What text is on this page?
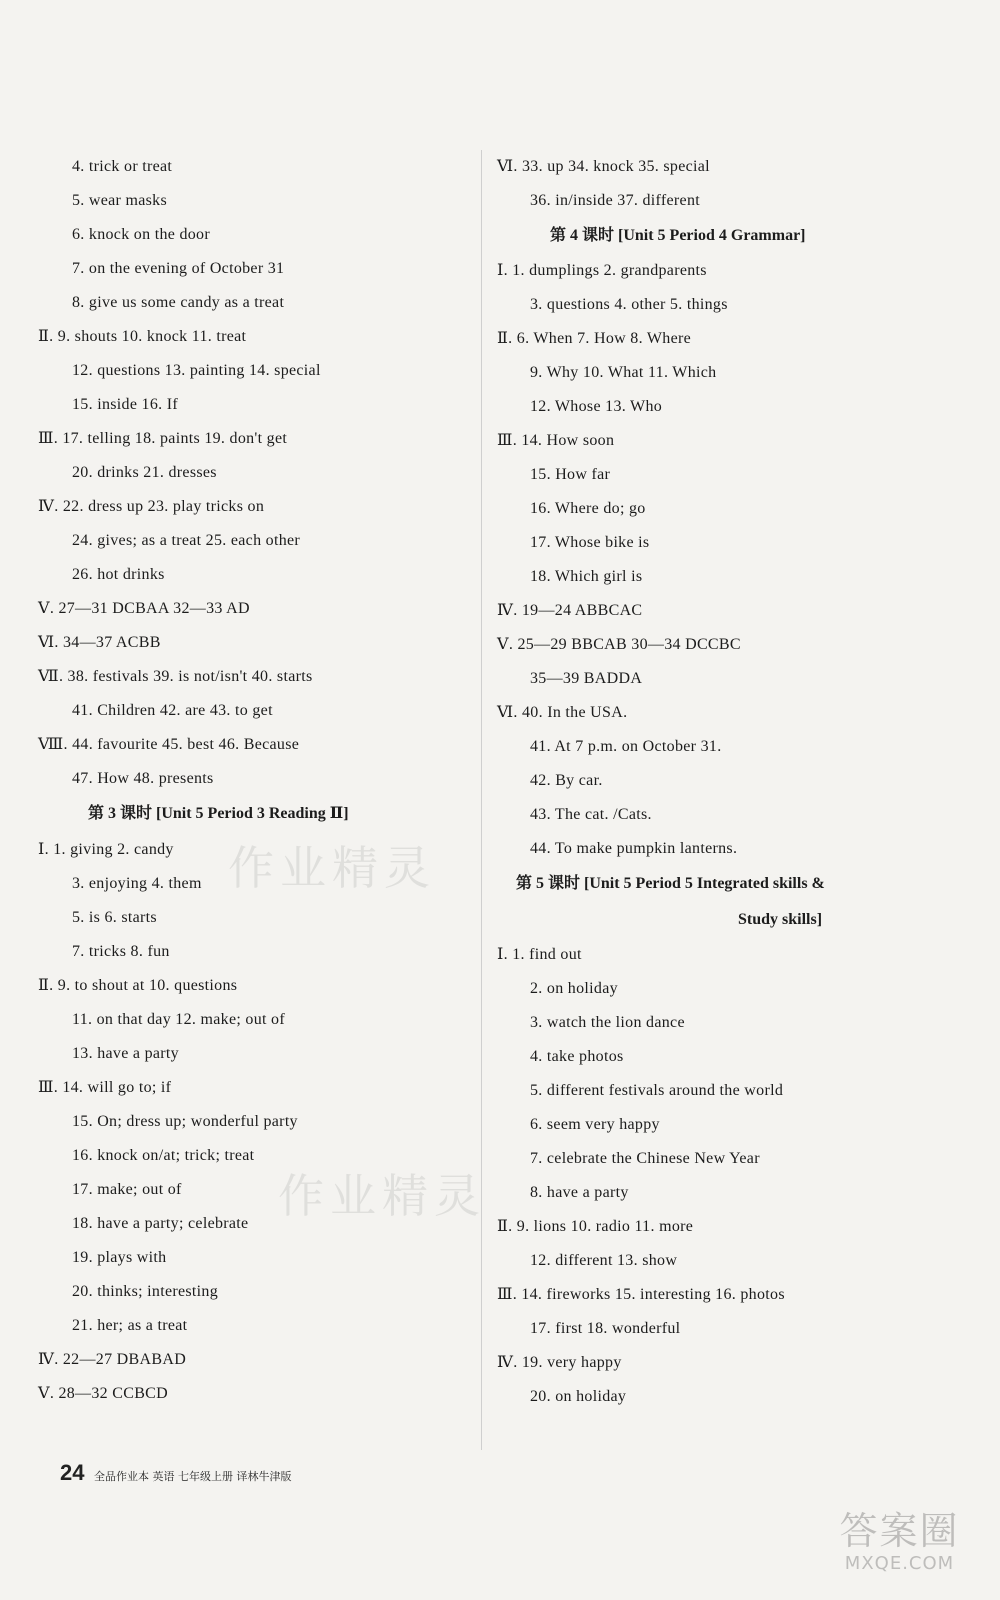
4. trick or treat
5. wear masks
6. knock on the door
7. on the evening of October 31
8. give us some candy as a treat
Ⅱ. 9. shouts 10. knock 11. treat
12. questions 13. painting 14. special
15. inside 16. If
Ⅲ. 17. telling 18. paints 19. don't get
20. drinks 21. dresses
Ⅳ. 22. dress up 23. play tricks on
24. gives; as a treat 25. each other
26. hot drinks
Ⅴ. 27—31 DCBAA 32—33 AD
Ⅵ. 34—37 ACBB
Ⅶ. 38. festivals 39. is not/isn't 40. starts
41. Children 42. are 43. to get
Ⅷ. 44. favourite 45. best 46. Because
47. How 48. presents
第 3 课时 [Unit 5 Period 3 Reading Ⅱ]
Ⅰ. 1. giving 2. candy
3. enjoying 4. them
5. is 6. starts
7. tricks 8. fun
Ⅱ. 9. to shout at 10. questions
11. on that day 12. make; out of
13. have a party
Ⅲ. 14. will go to; if
15. On; dress up; wonderful party
16. knock on/at; trick; treat
17. make; out of
18. have a party; celebrate
19. plays with
20. thinks; interesting
21. her; as a treat
Ⅳ. 22—27 DBABAD
Ⅴ. 28—32 CCBCD
Ⅵ. 33. up 34. knock 35. special
36. in/inside 37. different
第 4 课时 [Unit 5 Period 4 Grammar]
Ⅰ. 1. dumplings 2. grandparents
3. questions 4. other 5. things
Ⅱ. 6. When 7. How 8. Where
9. Why 10. What 11. Which
12. Whose 13. Who
Ⅲ. 14. How soon
15. How far
16. Where do; go
17. Whose bike is
18. Which girl is
Ⅳ. 19—24 ABBCAC
Ⅴ. 25—29 BBCAB 30—34 DCCBC
35—39 BADDA
Ⅵ. 40. In the USA.
41. At 7 p.m. on October 31.
42. By car.
43. The cat. /Cats.
44. To make pumpkin lanterns.
第 5 课时 [Unit 5 Period 5 Integrated skills &
Study skills]
Ⅰ. 1. find out
2. on holiday
3. watch the lion dance
4. take photos
5. different festivals around the world
6. seem very happy
7. celebrate the Chinese New Year
8. have a party
Ⅱ. 9. lions 10. radio 11. more
12. different 13. show
Ⅲ. 14. fireworks 15. interesting 16. photos
17. first 18. wonderful
Ⅳ. 19. very happy
20. on holiday
作业精灵
作业精灵
24 全品作业本 英语 七年级上册 译林牛津版
答案圈
MXQE.COM
